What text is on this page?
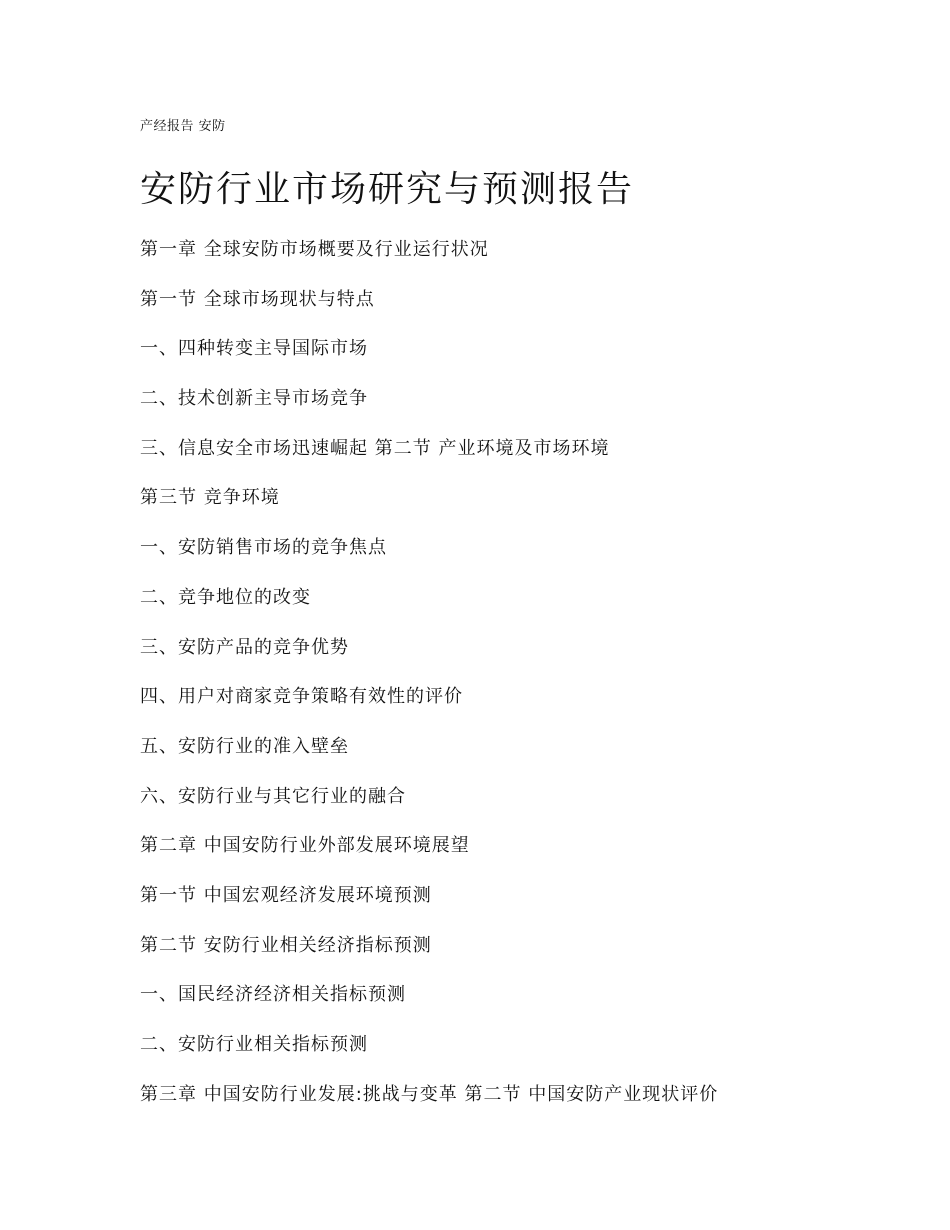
产经报告 安防
安防行业市场研究与预测报告
第一章 全球安防市场概要及行业运行状况
第一节 全球市场现状与特点
一、四种转变主导国际市场
二、技术创新主导市场竞争
三、信息安全市场迅速崛起 第二节 产业环境及市场环境
第三节 竞争环境
一、安防销售市场的竞争焦点
二、竞争地位的改变
三、安防产品的竞争优势
四、用户对商家竞争策略有效性的评价
五、安防行业的准入壁垒
六、安防行业与其它行业的融合
第二章 中国安防行业外部发展环境展望
第一节 中国宏观经济发展环境预测
第二节 安防行业相关经济指标预测
一、国民经济经济相关指标预测
二、安防行业相关指标预测
第三章 中国安防行业发展:挑战与变革 第二节 中国安防产业现状评价
